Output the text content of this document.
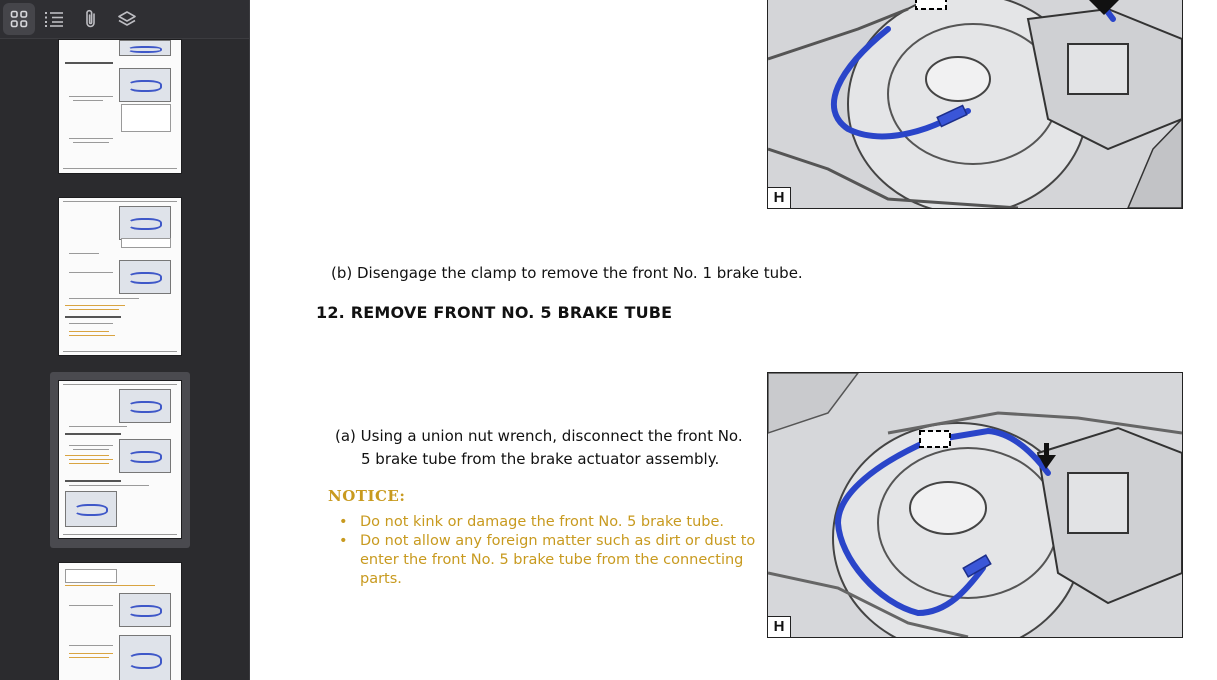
H
(b) Disengage the clamp to remove the front No. 1 brake tube.
12. REMOVE FRONT NO. 5 BRAKE TUBE
(a) Using a union nut wrench, disconnect the front No.
5 brake tube from the brake actuator assembly.
NOTICE:
• Do not kink or damage the front No. 5 brake tube.
• Do not allow any foreign matter such as dirt or dust to enter the front No. 5 brake tube from the connecting parts.
H
